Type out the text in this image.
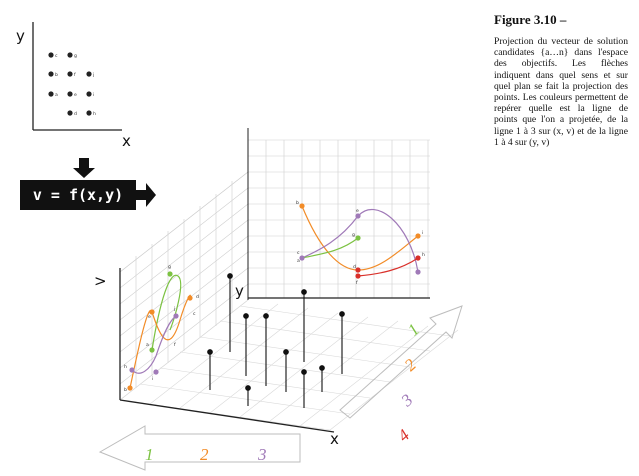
y
x
c	g
b	f	j
a	e	i
d	h
>
y
x
g
j
c
a	f
e
h
b
i
d
b
e
g
c
a
i
h
d
f
1	2	3
1
2
3
4
v = f(x,y)

Figure 3.10 –

Projection du vecteur de solution candidates {a…n} dans l'espace des objectifs. Les flèches indiquent dans quel sens et sur quel plan se fait la projection des points. Les couleurs permettent de repérer quelle est la ligne de points que l'on a projetée, de la ligne 1 à 3 sur (x, v) et de la ligne 1 à 4 sur (y, v)
